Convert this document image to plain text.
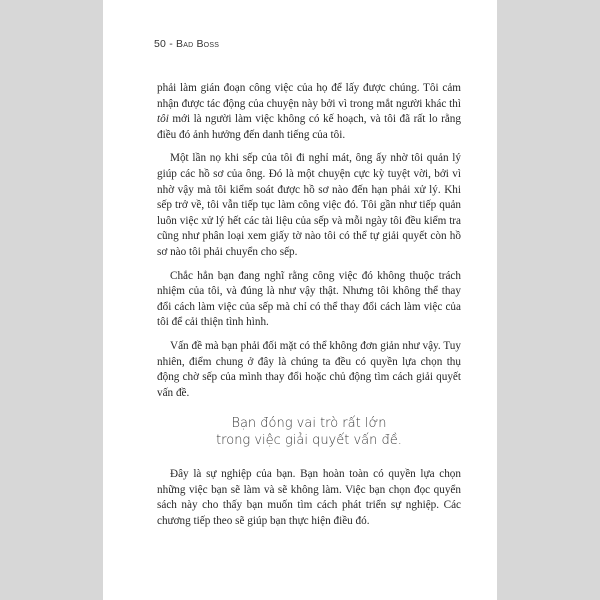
50 - Bad Boss

phải làm gián đoạn công việc của họ để lấy được chúng. Tôi cảm nhận được tác động của chuyện này bởi vì trong mắt người khác thì tôi mới là người làm việc không có kế hoạch, và tôi đã rất lo rằng điều đó ảnh hưởng đến danh tiếng của tôi.

Một lần nọ khi sếp của tôi đi nghỉ mát, ông ấy nhờ tôi quản lý giúp các hồ sơ của ông. Đó là một chuyện cực kỳ tuyệt vời, bởi vì nhờ vậy mà tôi kiểm soát được hồ sơ nào đến hạn phải xử lý. Khi sếp trở về, tôi vẫn tiếp tục làm công việc đó. Tôi gần như tiếp quản luôn việc xử lý hết các tài liệu của sếp và mỗi ngày tôi đều kiểm tra cũng như phân loại xem giấy tờ nào tôi có thể tự giải quyết còn hồ sơ nào tôi phải chuyển cho sếp.

Chắc hẳn bạn đang nghĩ rằng công việc đó không thuộc trách nhiệm của tôi, và đúng là như vậy thật. Nhưng tôi không thể thay đổi cách làm việc của sếp mà chỉ có thể thay đổi cách làm việc của tôi để cải thiện tình hình.

Vấn đề mà bạn phải đối mặt có thể không đơn giản như vậy. Tuy nhiên, điểm chung ở đây là chúng ta đều có quyền lựa chọn thụ động chờ sếp của mình thay đổi hoặc chủ động tìm cách giải quyết vấn đề.

Bạn đóng vai trò rất lớn
trong việc giải quyết vấn đề.

Đây là sự nghiệp của bạn. Bạn hoàn toàn có quyền lựa chọn những việc bạn sẽ làm và sẽ không làm. Việc bạn chọn đọc quyển sách này cho thấy bạn muốn tìm cách phát triển sự nghiệp. Các chương tiếp theo sẽ giúp bạn thực hiện điều đó.
